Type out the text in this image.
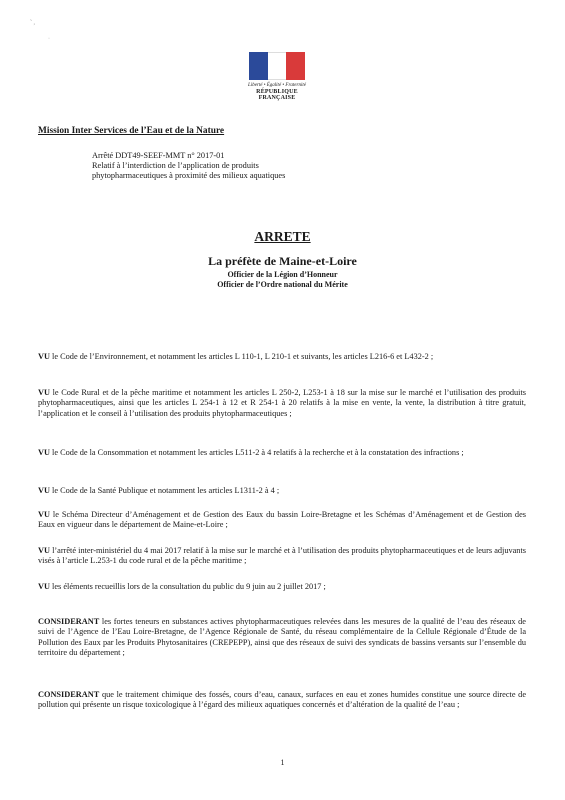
˜ ,
·
Liberté • Égalité • Fraternité
RÉPUBLIQUE FRANÇAISE
Mission Inter Services de l’Eau et de la Nature
Arrêté DDT49-SEEF-MMT n° 2017-01
Relatif à l’interdiction de l’application de produits
phytopharmaceutiques à proximité des milieux aquatiques
ARRETE
La préfète de Maine-et-Loire
Officier de la Légion d’Honneur
Officier de l’Ordre national du Mérite
VU le Code de l’Environnement, et notamment les articles L 110-1, L 210-1 et suivants, les articles L216-6 et L432-2 ;
VU le Code Rural et de la pêche maritime et notamment les articles L 250-2, L253-1 à 18 sur la mise sur le marché et l’utilisation des produits phytopharmaceutiques, ainsi que les articles L 254-1 à 12 et R 254-1 à 20 relatifs à la mise en vente, la vente, la distribution à titre gratuit, l’application et le conseil à l’utilisation des produits phytopharmaceutiques ;
VU le Code de la Consommation et notamment les articles L511-2 à 4 relatifs à la recherche et à la constatation des infractions ;
VU le Code de la Santé Publique et notamment les articles L1311-2 à 4 ;
VU le Schéma Directeur d’Aménagement et de Gestion des Eaux du bassin Loire-Bretagne et les Schémas d’Aménagement et de Gestion des Eaux en vigueur dans le département de Maine-et-Loire ;
VU l’arrêté inter-ministériel du 4 mai 2017 relatif à la mise sur le marché et à l’utilisation des produits phytopharmaceutiques et de leurs adjuvants visés à l’article L.253-1 du code rural et de la pêche maritime ;
VU les éléments recueillis lors de la consultation du public du 9 juin au 2 juillet 2017 ;
CONSIDERANT les fortes teneurs en substances actives phytopharmaceutiques relevées dans les mesures de la qualité de l’eau des réseaux de suivi de l’Agence de l’Eau Loire-Bretagne, de l’Agence Régionale de Santé, du réseau complémentaire de la Cellule Régionale d’Étude de la Pollution des Eaux par les Produits Phytosanitaires (CREPEPP), ainsi que des réseaux de suivi des syndicats de bassins versants sur l’ensemble du territoire du département ;
CONSIDERANT que le traitement chimique des fossés, cours d’eau, canaux, surfaces en eau et zones humides constitue une source directe de pollution qui présente un risque toxicologique à l’égard des milieux aquatiques concernés et d’altération de la qualité de l’eau ;
1
